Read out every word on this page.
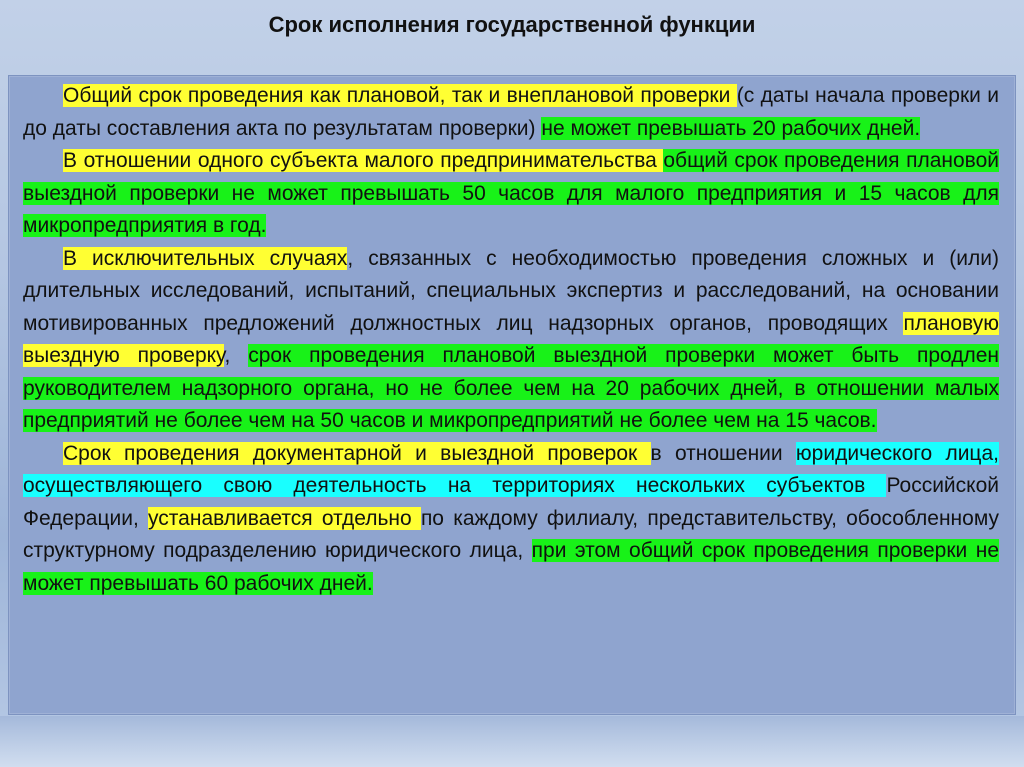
Срок исполнения государственной функции

Общий срок проведения как плановой, так и внеплановой проверки (с даты начала проверки и до даты составления акта по результатам проверки) не может превышать 20 рабочих дней.

В отношении одного субъекта малого предпринимательства общий срок проведения плановой выездной проверки не может превышать 50 часов для малого предприятия и 15 часов для микропредприятия в год.

В исключительных случаях, связанных с необходимостью проведения сложных и (или) длительных исследований, испытаний, специальных экспертиз и расследований, на основании мотивированных предложений должностных лиц надзорных органов, проводящих плановую выездную проверку, срок проведения плановой выездной проверки может быть продлен руководителем надзорного органа, но не более чем на 20 рабочих дней, в отношении малых предприятий не более чем на 50 часов и микропредприятий не более чем на 15 часов.

Срок проведения документарной и выездной проверок в отношении юридического лица, осуществляющего свою деятельность на территориях нескольких субъектов Российской Федерации, устанавливается отдельно по каждому филиалу, представительству, обособленному структурному подразделению юридического лица, при этом общий срок проведения проверки не может превышать 60 рабочих дней.
